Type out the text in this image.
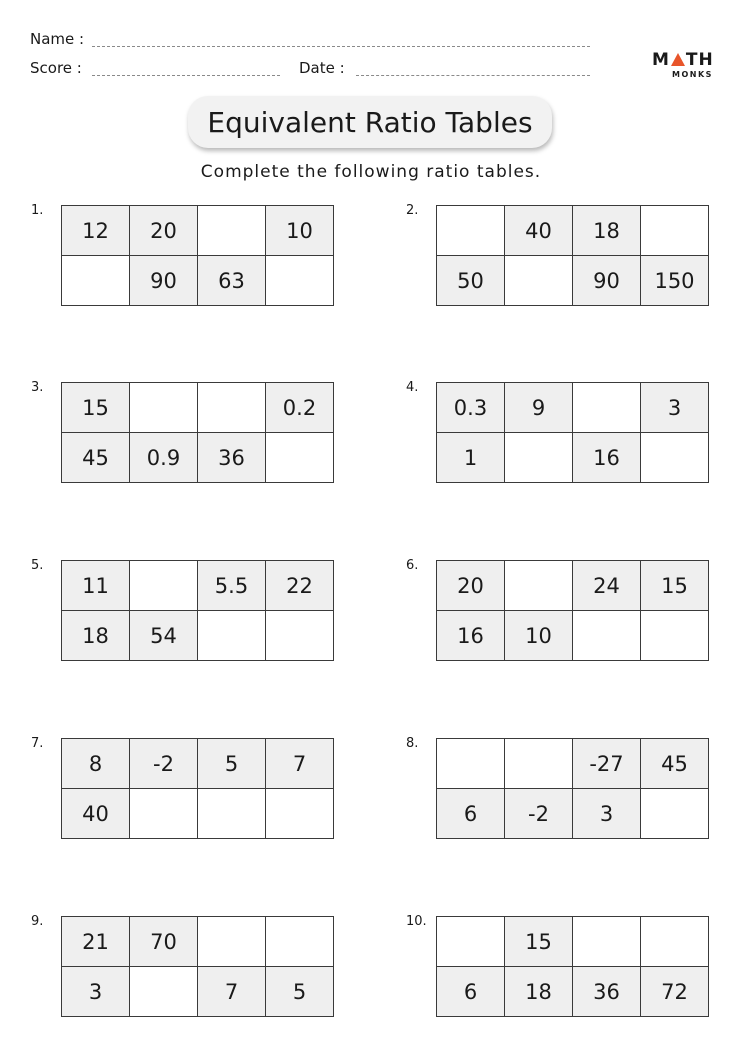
Name :
Score :	Date :	M TH
MONKS
Equivalent Ratio Tables
Complete the following ratio tables.
1.
12	20		10
	90	63	
2.
	40	18	
50		90	150
3.
15			0.2
45	0.9	36	
4.
0.3	9		3
1		16	
5.
11		5.5	22
18	54		
6.
20		24	15
16	10		
7.
8	-2	5	7
40			
8.
		-27	45
6	-2	3	
9.
21	70		
3		7	5
10.
	15		
6	18	36	72
